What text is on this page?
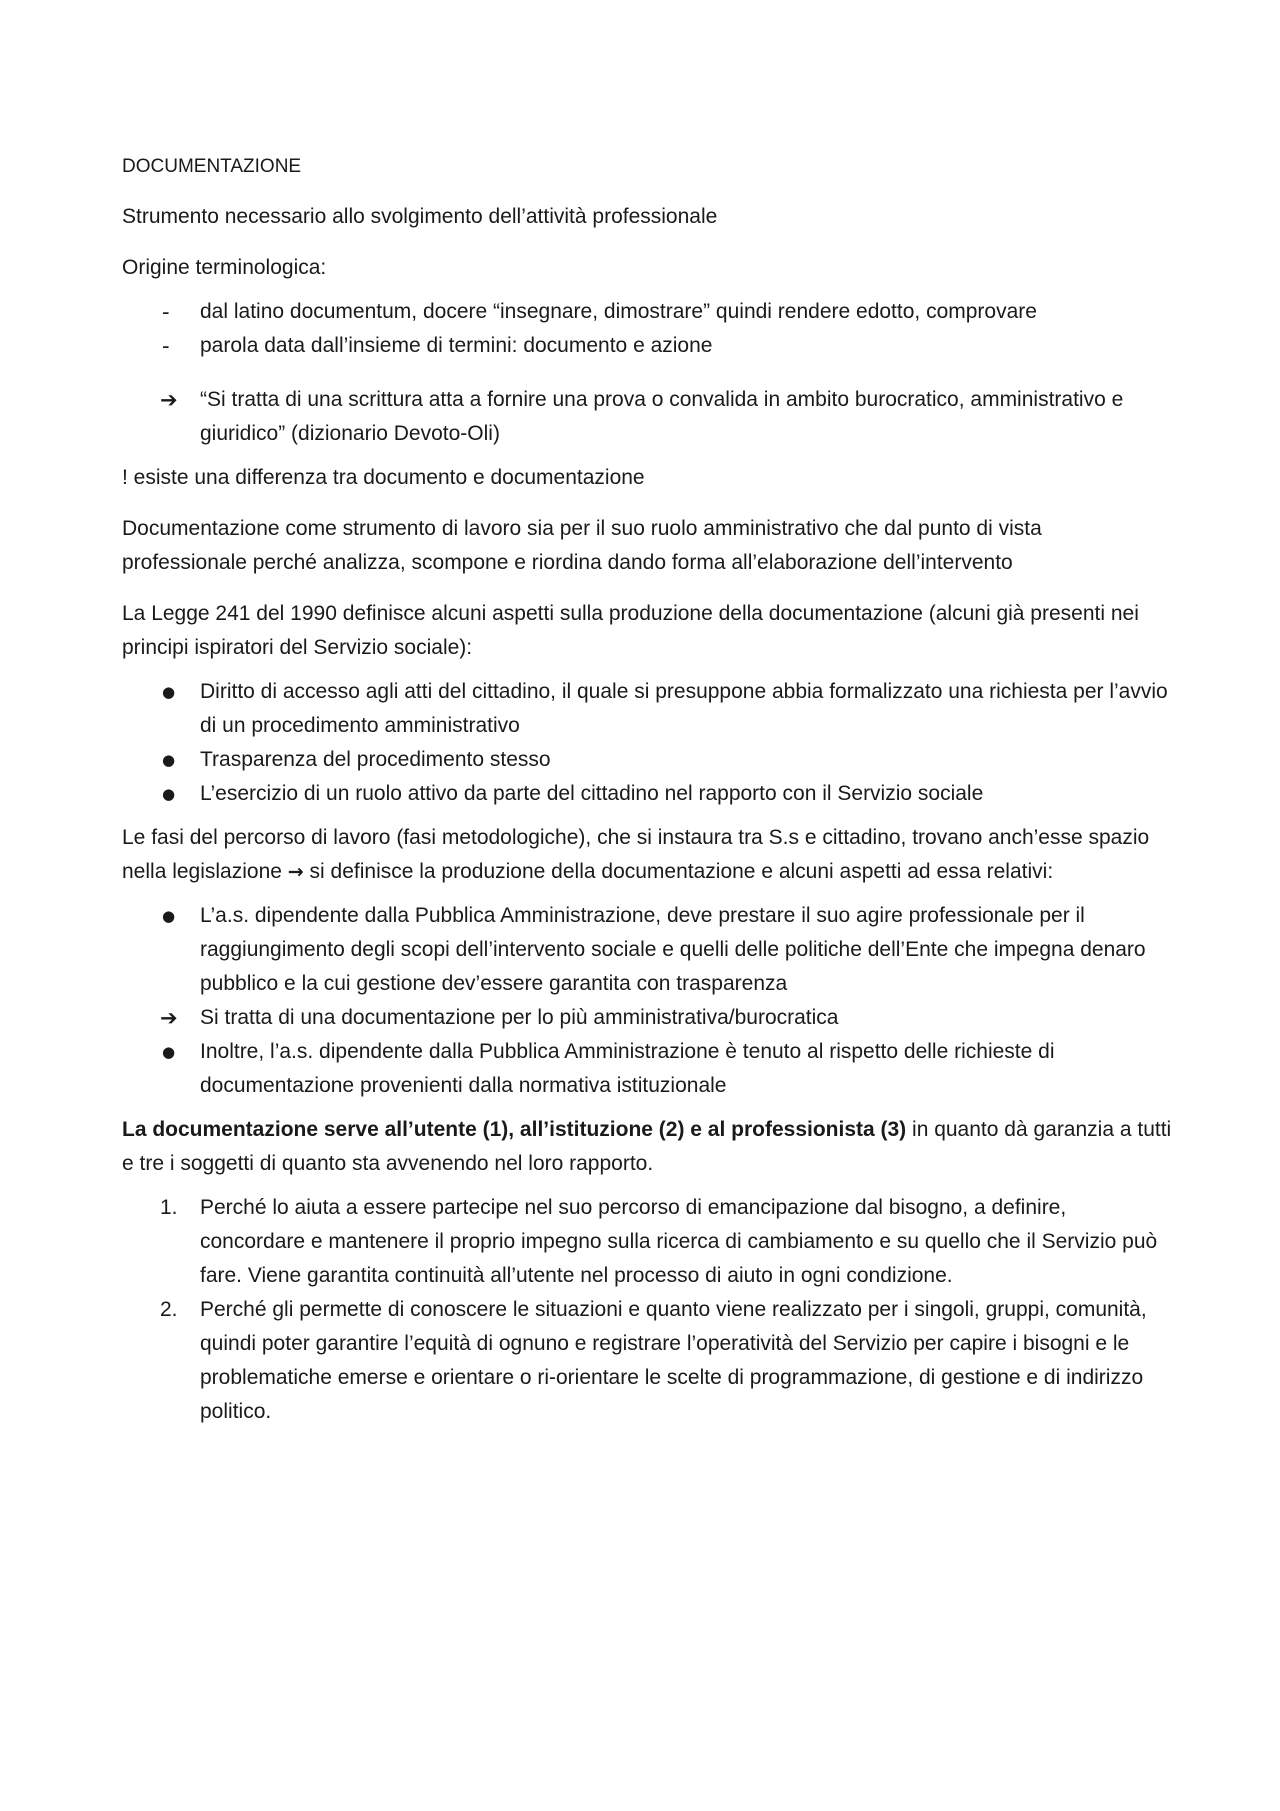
DOCUMENTAZIONE

Strumento necessario allo svolgimento dell’attività professionale

Origine terminologica:

-	dal latino documentum, docere “insegnare, dimostrare” quindi rendere edotto, comprovare
-	parola data dall’insieme di termini: documento e azione
➔	“Si tratta di una scrittura atta a fornire una prova o convalida in ambito burocratico, amministrativo e giuridico” (dizionario Devoto-Oli)

! esiste una differenza tra documento e documentazione

Documentazione come strumento di lavoro sia per il suo ruolo amministrativo che dal punto di vista professionale perché analizza, scompone e riordina dando forma all’elaborazione dell’intervento

La Legge 241 del 1990 definisce alcuni aspetti sulla produzione della documentazione (alcuni già presenti nei principi ispiratori del Servizio sociale):

●	Diritto di accesso agli atti del cittadino, il quale si presuppone abbia formalizzato una richiesta per l’avvio di un procedimento amministrativo
●	Trasparenza del procedimento stesso
●	L’esercizio di un ruolo attivo da parte del cittadino nel rapporto con il Servizio sociale

Le fasi del percorso di lavoro (fasi metodologiche), che si instaura tra S.s e cittadino, trovano anch’esse spazio nella legislazione → si definisce la produzione della documentazione e alcuni aspetti ad essa relativi:

●	L’a.s. dipendente dalla Pubblica Amministrazione, deve prestare il suo agire professionale per il raggiungimento degli scopi dell’intervento sociale e quelli delle politiche dell’Ente che impegna denaro pubblico e la cui gestione dev’essere garantita con trasparenza
➔	Si tratta di una documentazione per lo più amministrativa/burocratica
●	Inoltre, l’a.s. dipendente dalla Pubblica Amministrazione è tenuto al rispetto delle richieste di documentazione provenienti dalla normativa istituzionale

La documentazione serve all’utente (1), all’istituzione (2) e al professionista (3) in quanto dà garanzia a tutti e tre i soggetti di quanto sta avvenendo nel loro rapporto.

1.	Perché lo aiuta a essere partecipe nel suo percorso di emancipazione dal bisogno, a definire, concordare e mantenere il proprio impegno sulla ricerca di cambiamento e su quello che il Servizio può fare. Viene garantita continuità all’utente nel processo di aiuto in ogni condizione.
2.	Perché gli permette di conoscere le situazioni e quanto viene realizzato per i singoli, gruppi, comunità, quindi poter garantire l’equità di ognuno e registrare l’operatività del Servizio per capire i bisogni e le problematiche emerse e orientare o ri-orientare le scelte di programmazione, di gestione e di indirizzo politico.
